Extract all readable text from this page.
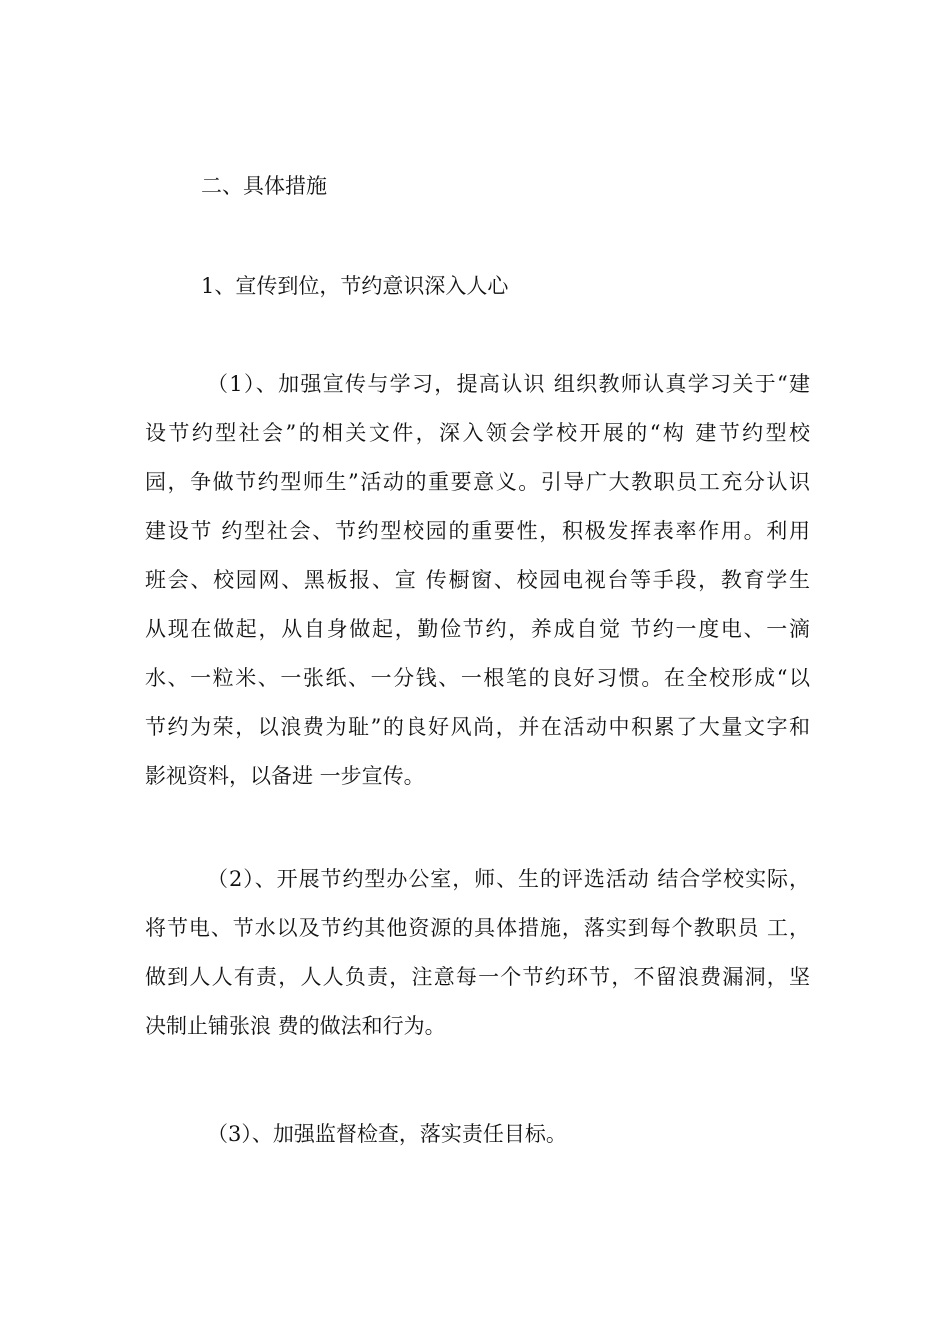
二、具体措施
1、宣传到位，节约意识深入人心
（1）、加强宣传与学习，提高认识 组织教师认真学习关于“建
设节约型社会”的相关文件，深入领会学校开展的“构 建节约型校
园，争做节约型师生”活动的重要意义。引导广大教职员工充分认识
建设节 约型社会、节约型校园的重要性，积极发挥表率作用。利用
班会、校园网、黑板报、宣 传橱窗、校园电视台等手段，教育学生
从现在做起，从自身做起，勤俭节约，养成自觉 节约一度电、一滴
水、一粒米、一张纸、一分钱、一根笔的良好习惯。在全校形成“以
节约为荣，以浪费为耻”的良好风尚，并在活动中积累了大量文字和
影视资料，以备进 一步宣传。
（2）、开展节约型办公室，师、生的评选活动 结合学校实际，
将节电、节水以及节约其他资源的具体措施，落实到每个教职员 工，
做到人人有责，人人负责，注意每一个节约环节，不留浪费漏洞，坚
决制止铺张浪 费的做法和行为。
（3）、加强监督检查，落实责任目标。
